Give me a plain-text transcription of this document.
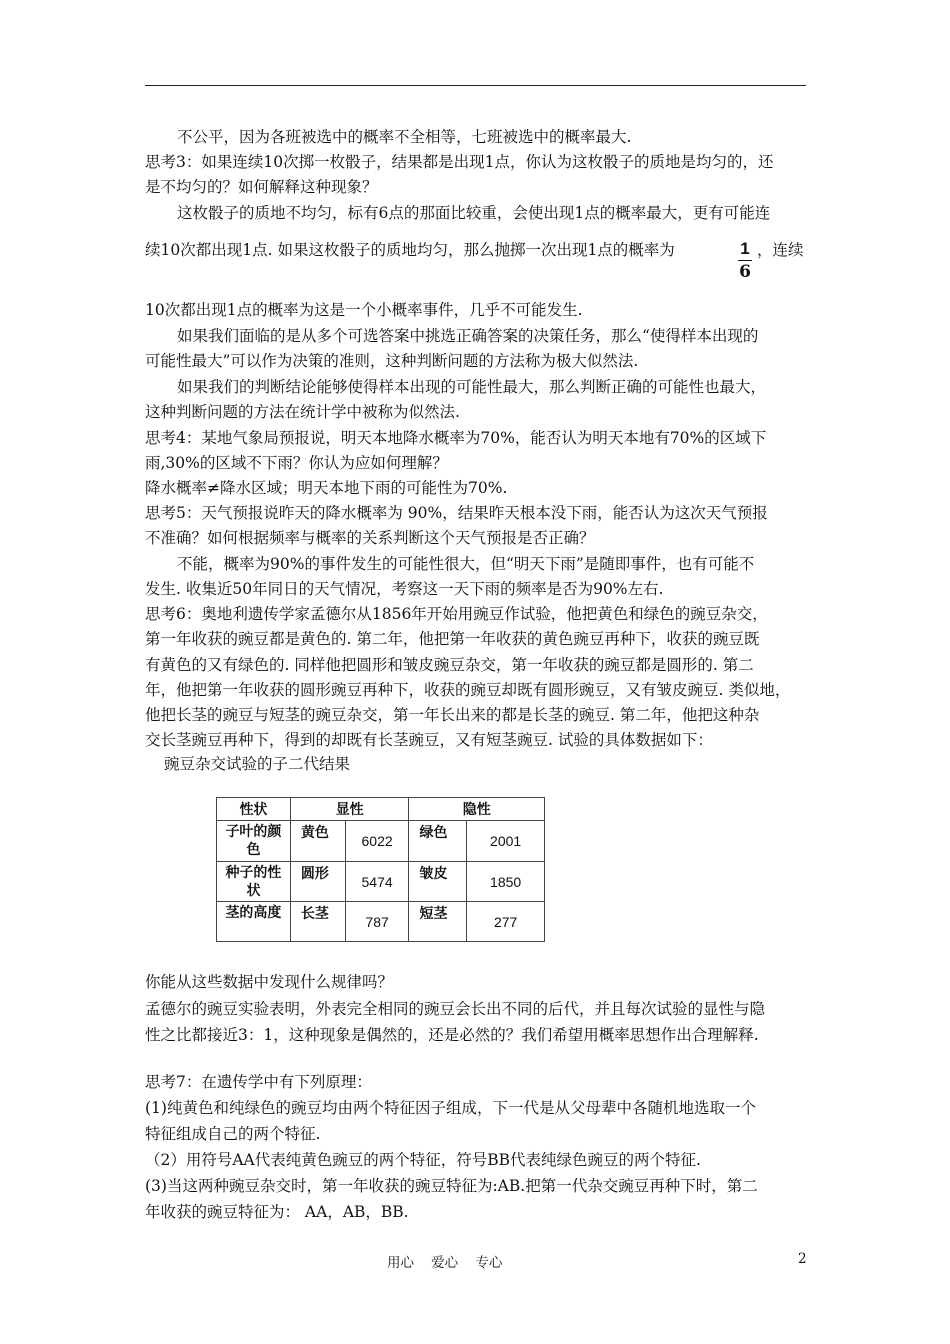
不公平，因为各班被选中的概率不全相等，七班被选中的概率最大.
思考3：如果连续10次掷一枚骰子，结果都是出现1点，你认为这枚骰子的质地是均匀的，还
是不均匀的？如何解释这种现象？
这枚骰子的质地不均匀，标有6点的那面比较重，会使出现1点的概率最大，更有可能连
续10次都出现1点. 如果这枚骰子的质地均匀，那么抛掷一次出现1点的概率为	1
6
，连续
10次都出现1点的概率为这是一个小概率事件，几乎不可能发生.
如果我们面临的是从多个可选答案中挑选正确答案的决策任务，那么“使得样本出现的
可能性最大”可以作为决策的准则，这种判断问题的方法称为极大似然法.
如果我们的判断结论能够使得样本出现的可能性最大，那么判断正确的可能性也最大，
这种判断问题的方法在统计学中被称为似然法.
思考4：某地气象局预报说，明天本地降水概率为70%，能否认为明天本地有70%的区域下
雨,30%的区域不下雨？你认为应如何理解？
降水概率≠降水区域；明天本地下雨的可能性为70%.
思考5：天气预报说昨天的降水概率为 90%，结果昨天根本没下雨，能否认为这次天气预报
不准确？如何根据频率与概率的关系判断这个天气预报是否正确？
不能，概率为90%的事件发生的可能性很大，但“明天下雨”是随即事件，也有可能不
发生. 收集近50年同日的天气情况，考察这一天下雨的频率是否为90%左右.
思考6：奥地利遗传学家孟德尔从1856年开始用豌豆作试验，他把黄色和绿色的豌豆杂交，
第一年收获的豌豆都是黄色的. 第二年，他把第一年收获的黄色豌豆再种下，收获的豌豆既
有黄色的又有绿色的. 同样他把圆形和皱皮豌豆杂交，第一年收获的豌豆都是圆形的. 第二
年，他把第一年收获的圆形豌豆再种下，收获的豌豆却既有圆形豌豆，又有皱皮豌豆. 类似地，
他把长茎的豌豆与短茎的豌豆杂交，第一年长出来的都是长茎的豌豆. 第二年，他把这种杂
交长茎豌豆再种下，得到的却既有长茎豌豆，又有短茎豌豆. 试验的具体数据如下：
豌豆杂交试验的子二代结果
性状	显性		隐性	
子叶的颜色	黄色	6022	绿色	2001
种子的性状	圆形	5474	皱皮	1850
茎的高度	长茎	787	短茎	277
你能从这些数据中发现什么规律吗？
孟德尔的豌豆实验表明，外表完全相同的豌豆会长出不同的后代，并且每次试验的显性与隐
性之比都接近3：1，这种现象是偶然的，还是必然的？我们希望用概率思想作出合理解释.
思考7：在遗传学中有下列原理：
(1)纯黄色和纯绿色的豌豆均由两个特征因子组成，下一代是从父母辈中各随机地选取一个
特征组成自己的两个特征.
（2）用符号AA代表纯黄色豌豆的两个特征，符号BB代表纯绿色豌豆的两个特征.
(3)当这两种豌豆杂交时，第一年收获的豌豆特征为:AB.把第一代杂交豌豆再种下时，第二
年收获的豌豆特征为： AA，AB，BB.
用心    爱心    专心	2
